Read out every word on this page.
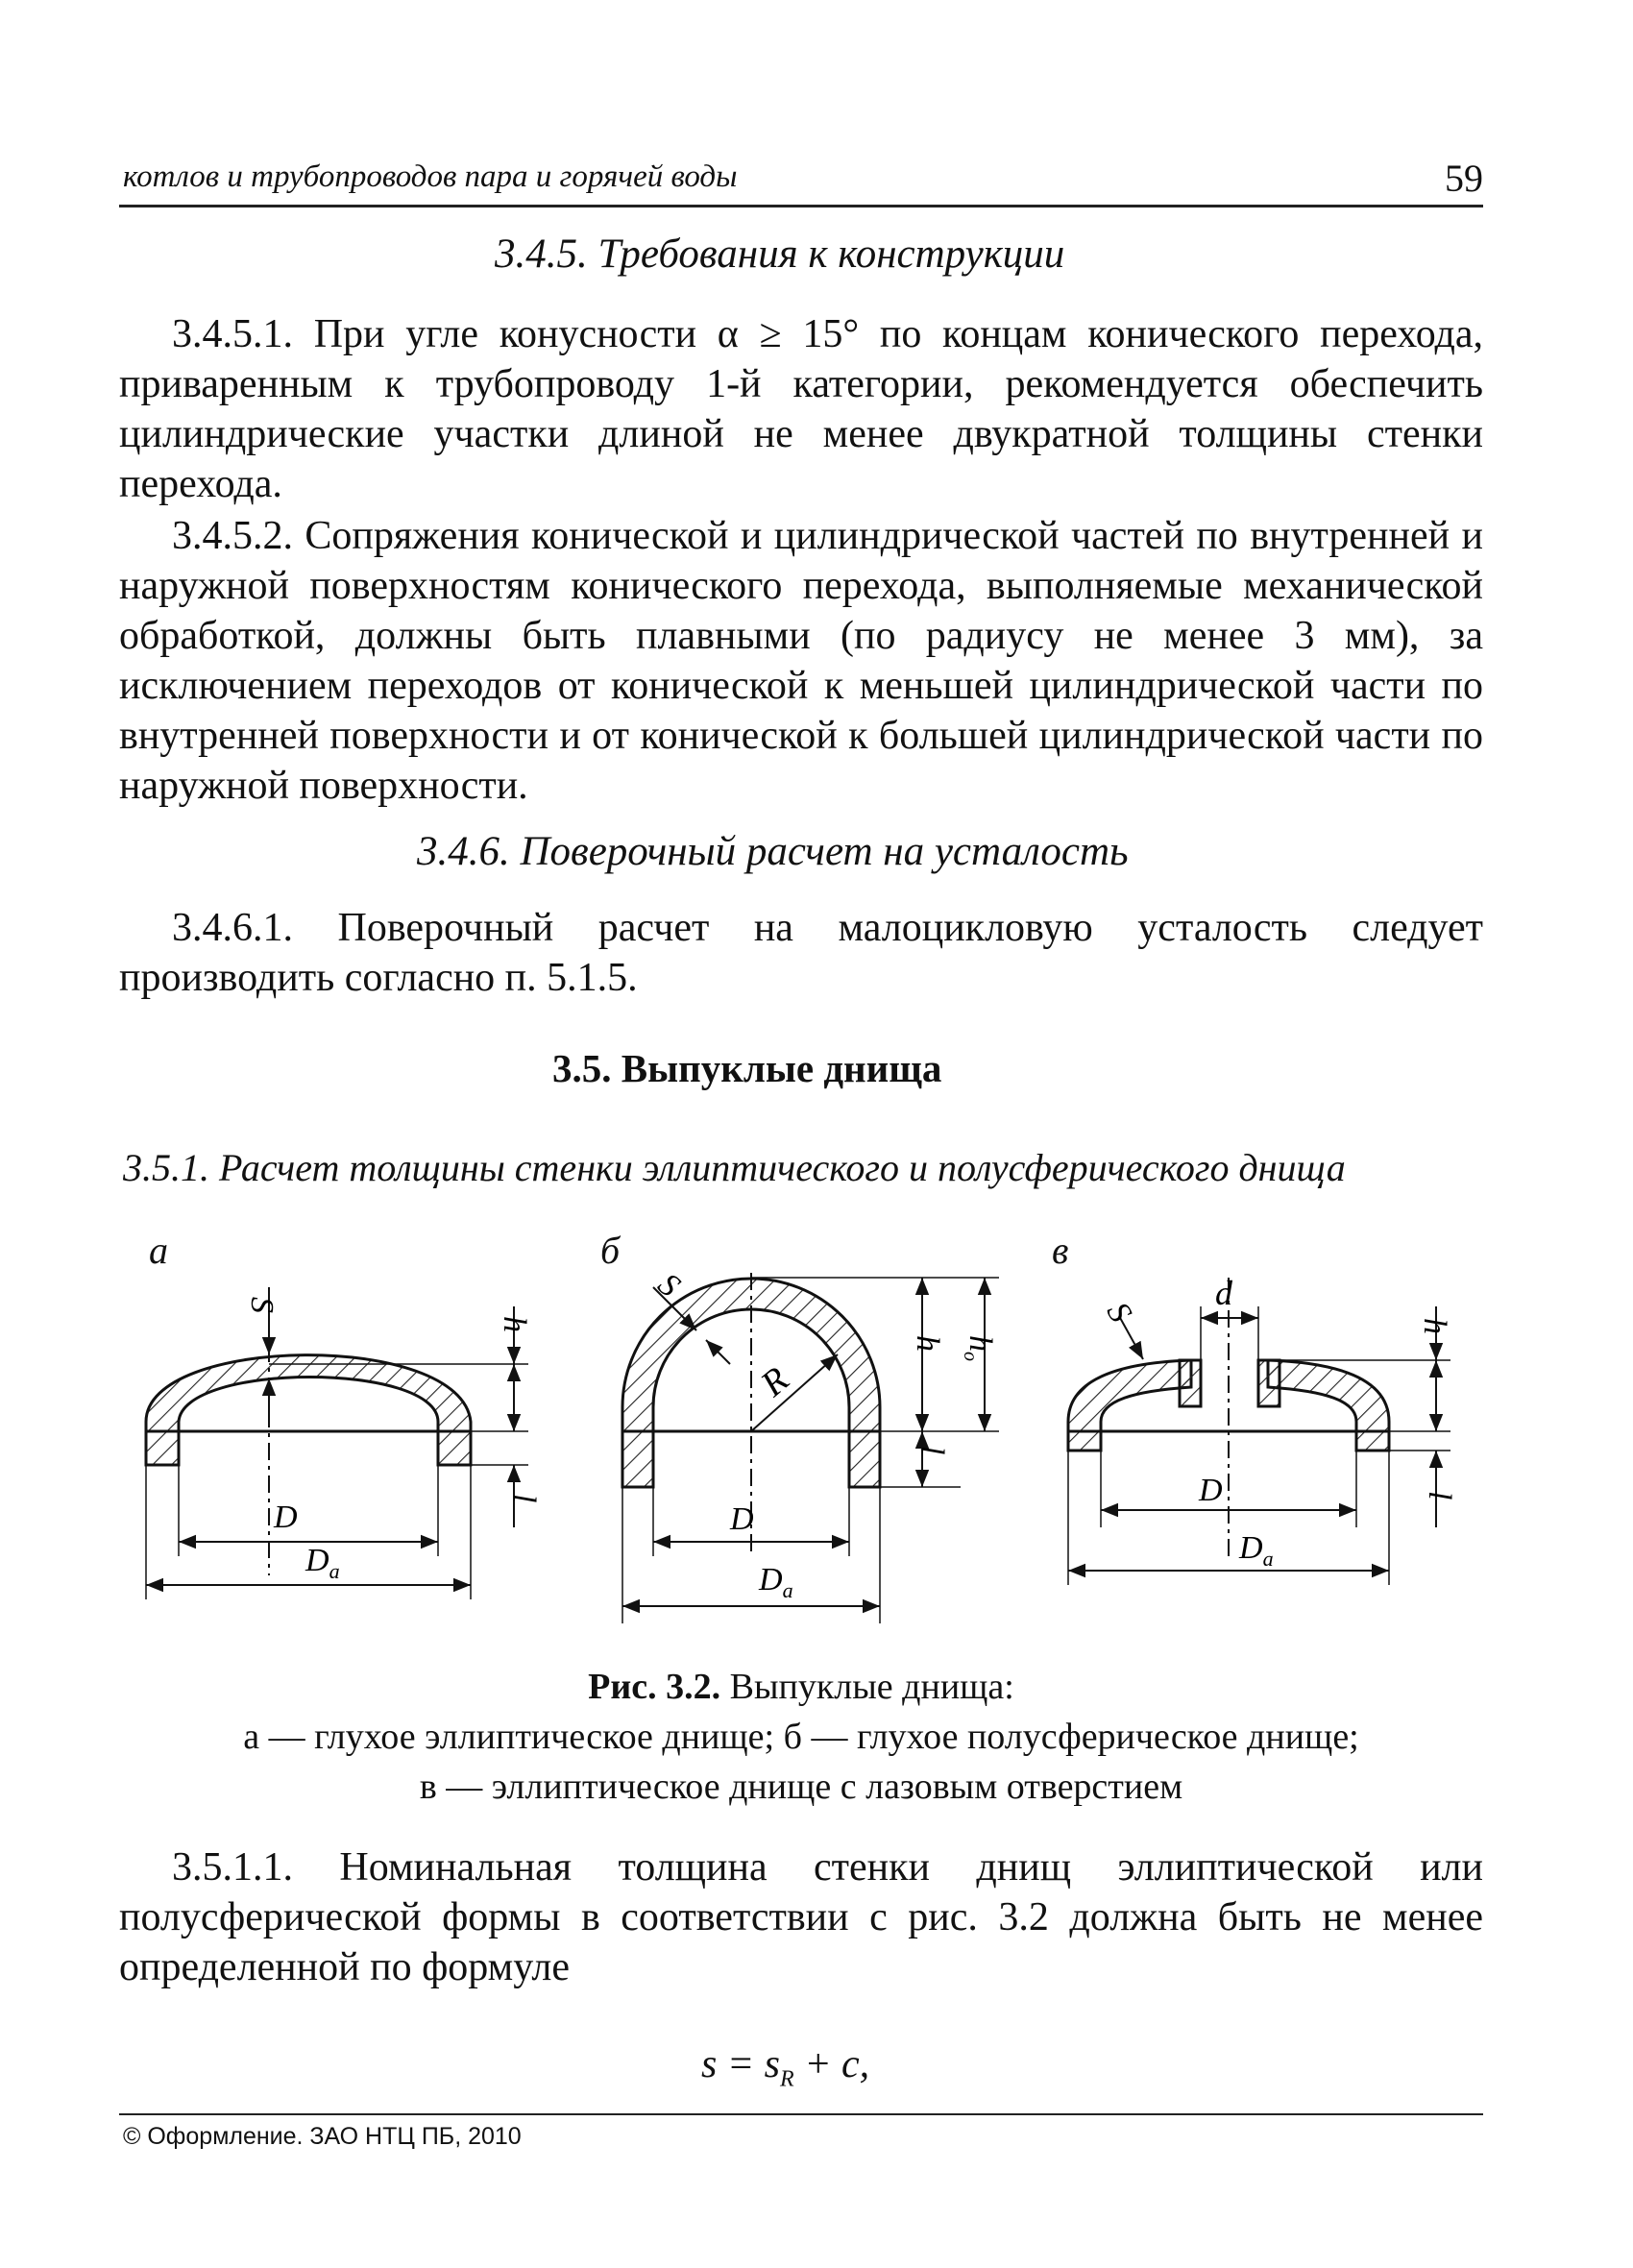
котлов и трубопроводов пара и горячей воды	59
3.4.5. Требования к конструкции

3.4.5.1. При угле конусности α ≥ 15° по концам конического перехода, приваренным к трубопроводу 1-й категории, рекомендуется обеспечить цилиндрические участки длиной не менее двукратной толщины стенки перехода.

3.4.5.2. Сопряжения конической и цилиндрической частей по внутренней и наружной поверхностям конического перехода, выполняемые механической обработкой, должны быть плавными (по радиусу не менее 3 мм), за исключением переходов от конической к меньшей цилиндрической части по внутренней поверхности и от конической к большей цилиндрической части по наружной поверхности.

3.4.6. Поверочный расчет на усталость

3.4.6.1. Поверочный расчет на малоцикловую усталость следует производить согласно п. 5.1.5.

3.5. Выпуклые днища
3.5.1. Расчет толщины стенки эллиптического и полусферического днища
а	б	в
S
h
l
D
$D_a$
S
R
h
l
ho
D
$D_a$
d
S	h
l
D
$D_a$
Рис. 3.2. Выпуклые днища:
а — глухое эллиптическое днище; б — глухое полусферическое днище;
в — эллиптическое днище с лазовым отверстием

3.5.1.1. Номинальная толщина стенки днищ эллиптической или полусферической формы в соответствии с рис. 3.2 должна быть не менее определенной по формуле

$s = s_R + c$,
© Оформление. ЗАО НТЦ ПБ, 2010
